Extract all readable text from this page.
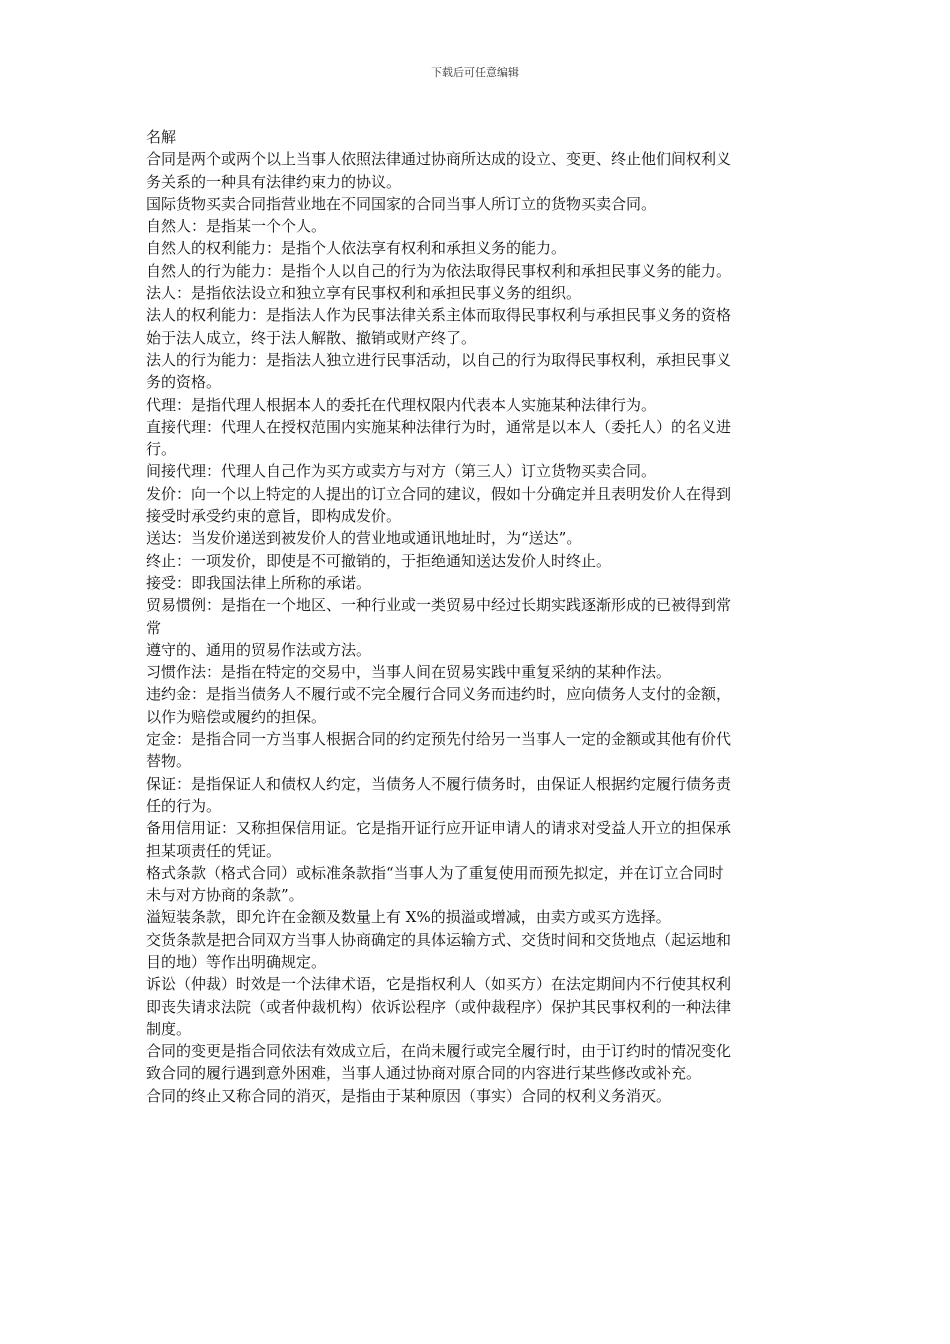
下载后可任意编辑

名解

合同是两个或两个以上当事人依照法律通过协商所达成的设立、变更、终止他们间权利义

务关系的一种具有法律约束力的协议。

国际货物买卖合同指营业地在不同国家的合同当事人所订立的货物买卖合同。

自然人：是指某一个个人。

自然人的权利能力：是指个人依法享有权利和承担义务的能力。

自然人的行为能力：是指个人以自己的行为为依法取得民事权利和承担民事义务的能力。

法人：是指依法设立和独立享有民事权利和承担民事义务的组织。

法人的权利能力：是指法人作为民事法律关系主体而取得民事权利与承担民事义务的资格

始于法人成立，终于法人解散、撤销或财产终了。

法人的行为能力：是指法人独立进行民事活动，以自己的行为取得民事权利，承担民事义

务的资格。

代理：是指代理人根据本人的委托在代理权限内代表本人实施某种法律行为。

直接代理：代理人在授权范围内实施某种法律行为时，通常是以本人（委托人）的名义进

行。

间接代理：代理人自己作为买方或卖方与对方（第三人）订立货物买卖合同。

发价：向一个以上特定的人提出的订立合同的建议，假如十分确定并且表明发价人在得到

接受时承受约束的意旨，即构成发价。

送达：当发价递送到被发价人的营业地或通讯地址时，为“送达”。

终止：一项发价，即使是不可撤销的，于拒绝通知送达发价人时终止。

接受：即我国法律上所称的承诺。

贸易惯例：是指在一个地区、一种行业或一类贸易中经过长期实践逐渐形成的已被得到常

常

遵守的、通用的贸易作法或方法。

习惯作法：是指在特定的交易中，当事人间在贸易实践中重复采纳的某种作法。

违约金：是指当债务人不履行或不完全履行合同义务而违约时，应向债务人支付的金额，

以作为赔偿或履约的担保。

定金：是指合同一方当事人根据合同的约定预先付给另一当事人一定的金额或其他有价代

替物。

保证：是指保证人和债权人约定，当债务人不履行债务时，由保证人根据约定履行债务责

任的行为。

备用信用证：又称担保信用证。它是指开证行应开证申请人的请求对受益人开立的担保承

担某项责任的凭证。

格式条款（格式合同）或标准条款指“当事人为了重复使用而预先拟定，并在订立合同时

未与对方协商的条款”。

溢短装条款，即允许在金额及数量上有 X%的损溢或增减，由卖方或买方选择。

交货条款是把合同双方当事人协商确定的具体运输方式、交货时间和交货地点（起运地和

目的地）等作出明确规定。

诉讼（仲裁）时效是一个法律术语，它是指权利人（如买方）在法定期间内不行使其权利

即丧失请求法院（或者仲裁机构）依诉讼程序（或仲裁程序）保护其民事权利的一种法律

制度。

合同的变更是指合同依法有效成立后，在尚未履行或完全履行时，由于订约时的情况变化

致合同的履行遇到意外困难，当事人通过协商对原合同的内容进行某些修改或补充。

合同的终止又称合同的消灭，是指由于某种原因（事实）合同的权利义务消灭。
